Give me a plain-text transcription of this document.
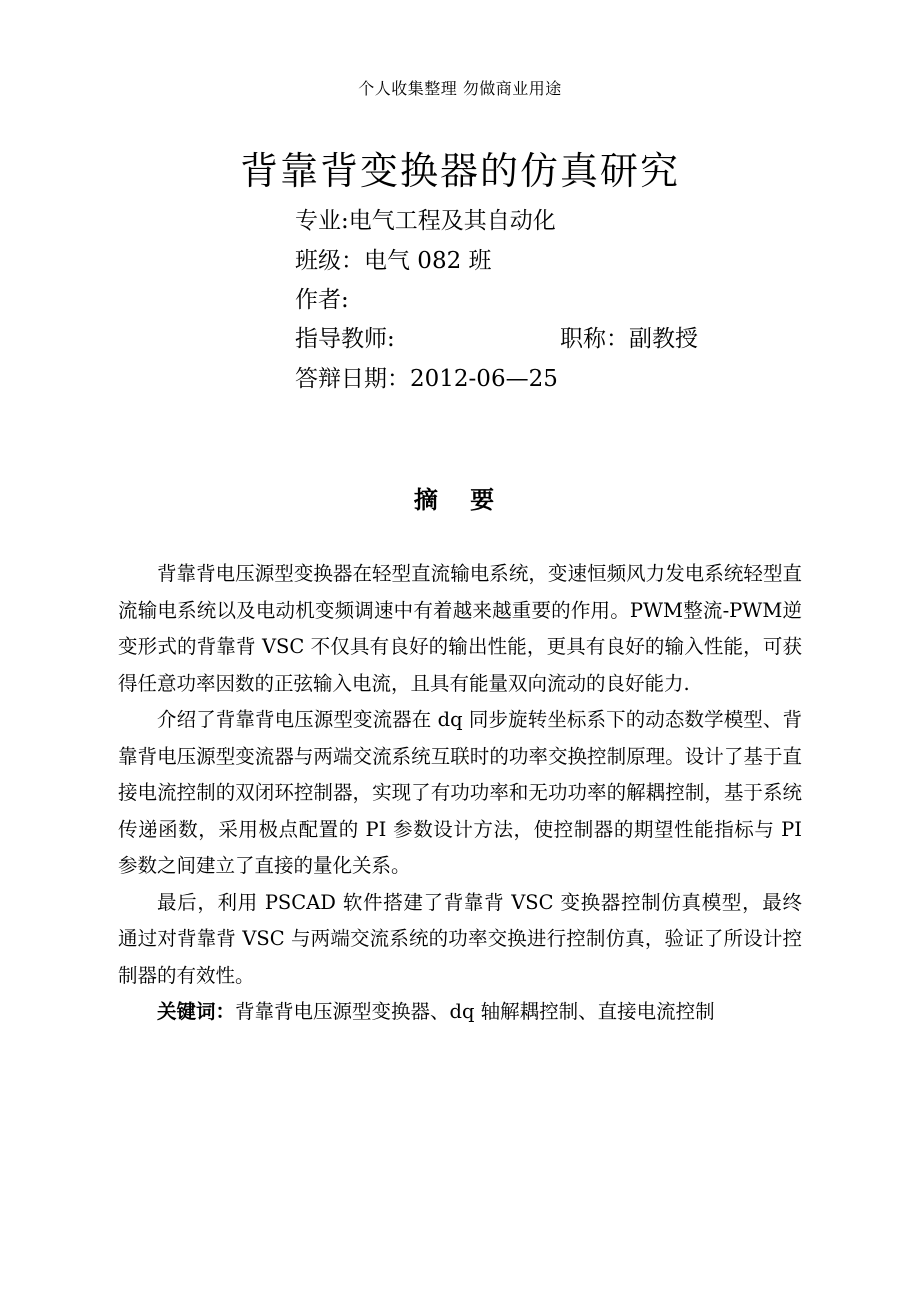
个人收集整理 勿做商业用途
背靠背变换器的仿真研究
专业:电气工程及其自动化
班级：电气 082 班
作者:
指导教师:	职称：副教授
答辩日期：2012-06—25
摘 要

背靠背电压源型变换器在轻型直流输电系统，变速恒频风力发电系统轻型直流输电系统以及电动机变频调速中有着越来越重要的作用。PWM整流-PWM逆变形式的背靠背 VSC 不仅具有良好的输出性能，更具有良好的输入性能，可获得任意功率因数的正弦输入电流，且具有能量双向流动的良好能力.

介绍了背靠背电压源型变流器在 dq 同步旋转坐标系下的动态数学模型、背靠背电压源型变流器与两端交流系统互联时的功率交换控制原理。设计了基于直接电流控制的双闭环控制器，实现了有功功率和无功功率的解耦控制，基于系统传递函数，采用极点配置的 PI 参数设计方法，使控制器的期望性能指标与 PI 参数之间建立了直接的量化关系。

最后，利用 PSCAD 软件搭建了背靠背 VSC 变换器控制仿真模型，最终通过对背靠背 VSC 与两端交流系统的功率交换进行控制仿真，验证了所设计控制器的有效性。

关键词：背靠背电压源型变换器、dq 轴解耦控制、直接电流控制
